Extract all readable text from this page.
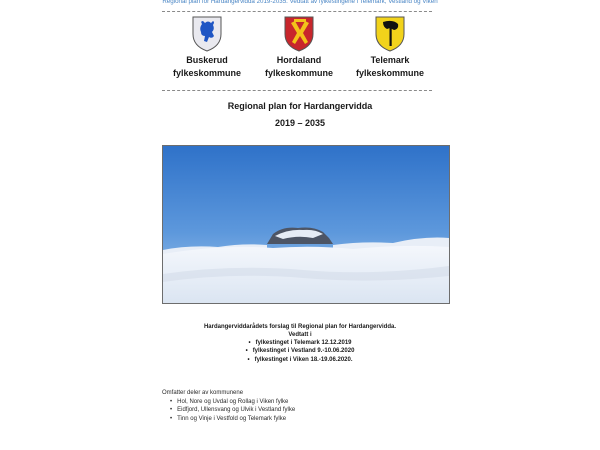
Regional plan for Hardangervidda 2019-2035. Vedtatt av fylkestingene i Telemark, Vestland og Viken
Buskerud
fylkeskommune
Hordaland
fylkeskommune
Telemark
fylkeskommune
Regional plan for Hardangervidda
2019 – 2035
Hardangerviddarådets forslag til Regional plan for Hardangervidda.
Vedtatt i
• fylkestinget i Telemark 12.12.2019
• fylkestinget i Vestland 9.-10.06.2020
• fylkestinget i Viken 18.-19.06.2020.
Omfatter deler av kommunene
• Hol, Nore og Uvdal og Rollag i Viken fylke
• Eidfjord, Ullensvang og Ulvik i Vestland fylke
• Tinn og Vinje i Vestfold og Telemark fylke
